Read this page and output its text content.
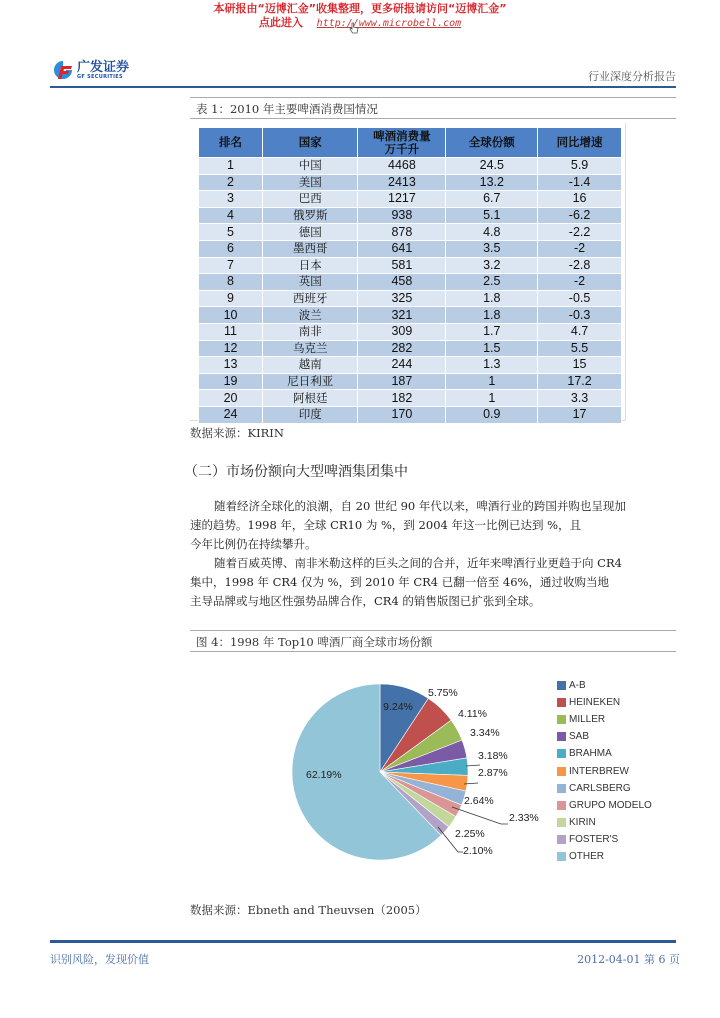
本研报由“迈博汇金”收集整理，更多研报请访问“迈博汇金”
点此进入 http://www.microbell.com
广发证券
GF SECURITIES	行业深度分析报告
表 1：2010 年主要啤酒消费国情况
排名	国家	啤酒消费量万千升	全球份额	同比增速
1	中国	4468	24.5	5.9
2	美国	2413	13.2	-1.4
3	巴西	1217	6.7	16
4	俄罗斯	938	5.1	-6.2
5	德国	878	4.8	-2.2
6	墨西哥	641	3.5	-2
7	日本	581	3.2	-2.8
8	英国	458	2.5	-2
9	西班牙	325	1.8	-0.5
10	波兰	321	1.8	-0.3
11	南非	309	1.7	4.7
12	乌克兰	282	1.5	5.5
13	越南	244	1.3	15
19	尼日利亚	187	1	17.2
20	阿根廷	182	1	3.3
24	印度	170	0.9	17
数据来源：KIRIN
（二）市场份额向大型啤酒集团集中

随着经济全球化的浪潮，自 20 世纪 90 年代以来，啤酒行业的跨国并购也呈现加

速的趋势。1998 年，全球 CR10 为 %，到 2004 年这一比例已达到 %，且

今年比例仍在持续攀升。

随着百威英博、南非米勒这样的巨头之间的合并，近年来啤酒行业更趋于向 CR4

集中，1998 年 CR4 仅为 %，到 2010 年 CR4 已翻一倍至 46%，通过收购当地

主导品牌或与地区性强势品牌合作，CR4 的销售版图已扩张到全球。

图 4：1998 年 Top10 啤酒厂商全球市场份额
9.24%
5.75%
4.11%
3.34%
3.18%
2.87%
2.64%
2.33%
2.25%
2.10%
62.19%
A-B
HEINEKEN
MILLER
SAB
BRAHMA
INTERBREW
CARLSBERG
GRUPO MODELO
KIRIN
FOSTER'S
OTHER
数据来源：Ebneth and Theuvsen（2005）
识别风险，发现价值	2012-04-01 第 6 页
